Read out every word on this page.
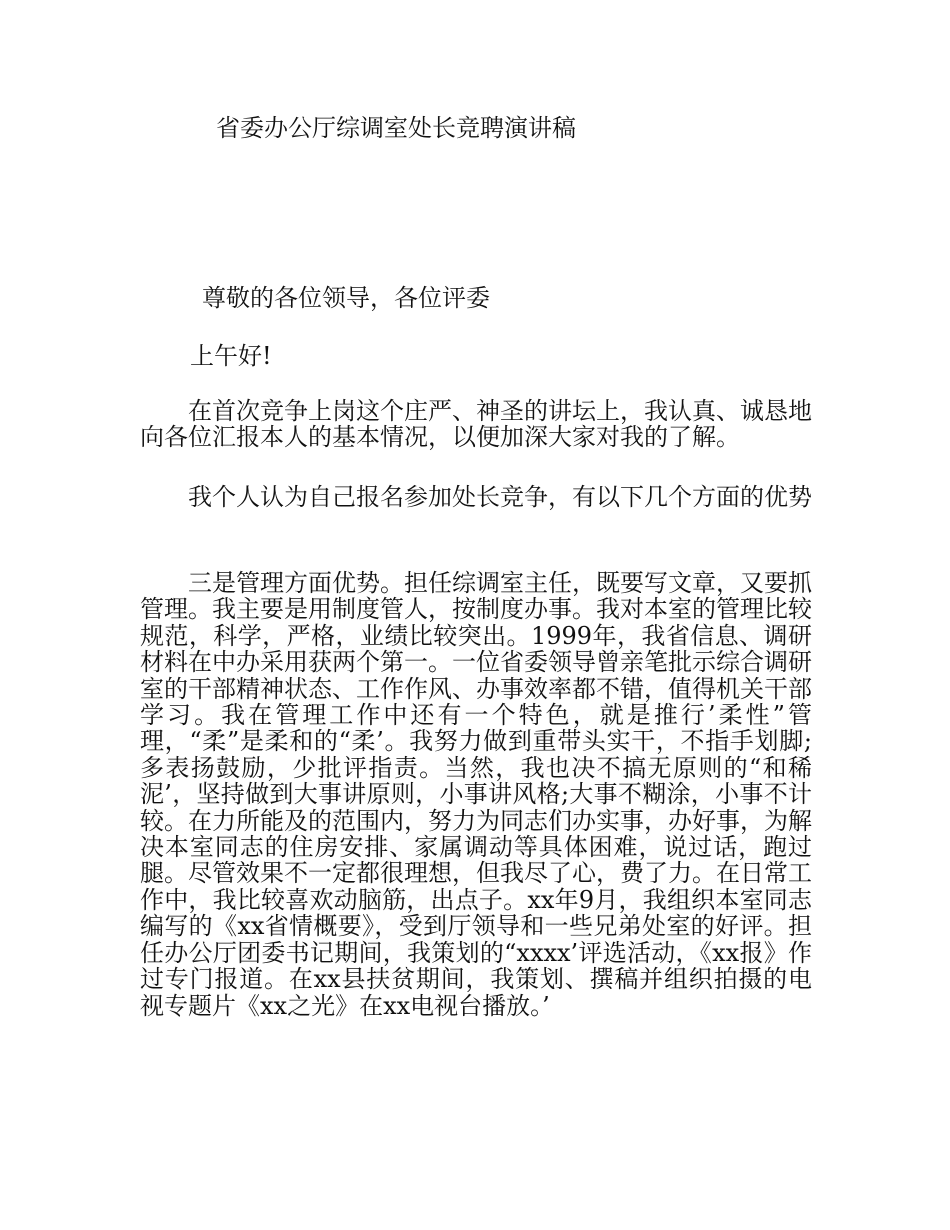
省委办公厅综调室处长竞聘演讲稿
尊敬的各位领导，各位评委
上午好!

在首次竞争上岗这个庄严、神圣的讲坛上，我认真、诚恳地向各位汇报本人的基本情况，以便加深大家对我的了解。

我个人认为自己报名参加处长竞争，有以下几个方面的优势

三是管理方面优势。担任综调室主任，既要写文章，又要抓管理。我主要是用制度管人，按制度办事。我对本室的管理比较规范，科学，严格，业绩比较突出。1999年，我省信息、调研材料在中办采用获两个第一。一位省委领导曾亲笔批示综合调研室的干部精神状态、工作作风、办事效率都不错，值得机关干部学习。我在管理工作中还有一个特色，就是推行’柔性”管理，“柔”是柔和的“柔’。我努力做到重带头实干，不指手划脚;多表扬鼓励，少批评指责。当然，我也决不搞无原则的“和稀泥’，坚持做到大事讲原则，小事讲风格;大事不糊涂，小事不计较。在力所能及的范围内，努力为同志们办实事，办好事，为解决本室同志的住房安排、家属调动等具体困难，说过话，跑过腿。尽管效果不一定都很理想，但我尽了心，费了力。在日常工作中，我比较喜欢动脑筋，出点子。xx年9月，我组织本室同志编写的《xx省情概要》，受到厅领导和一些兄弟处室的好评。担任办公厅团委书记期间，我策划的“xxxx’评选活动，《xx报》作过专门报道。在xx县扶贫期间，我策划、撰稿并组织拍摄的电视专题片《xx之光》在xx电视台播放。’
